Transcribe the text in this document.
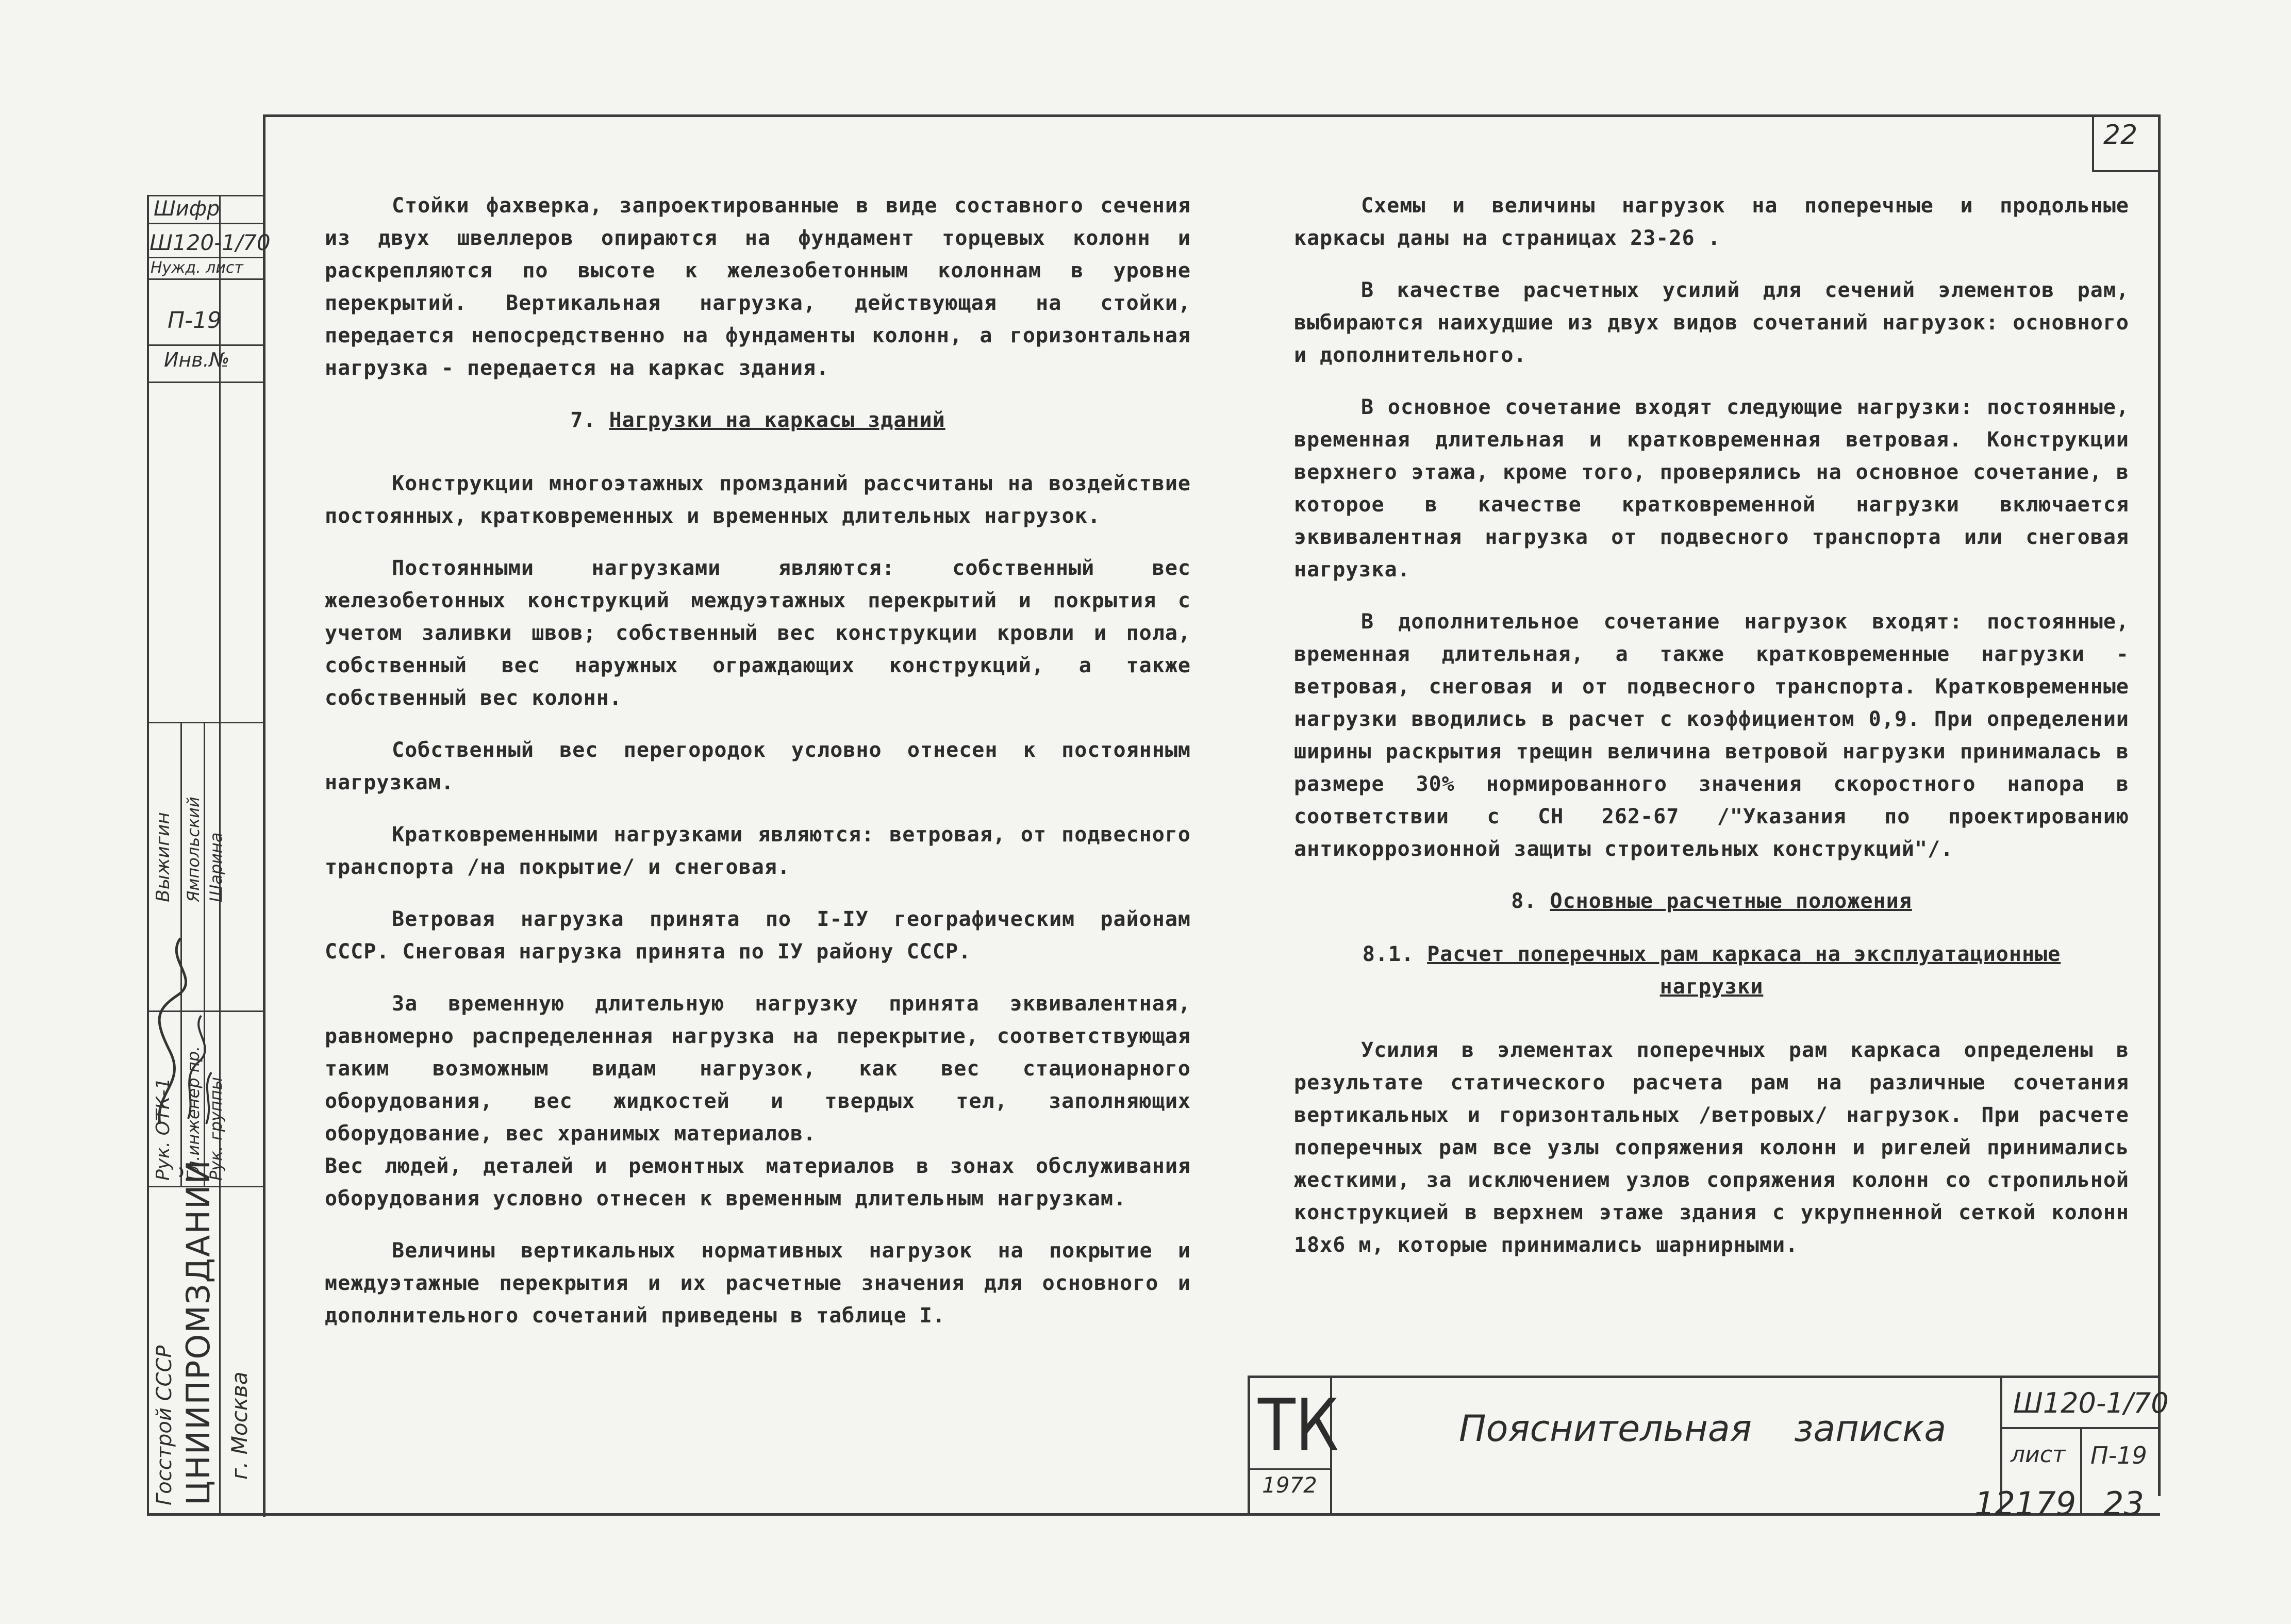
22
Шифр
Ш120-1/70
Нужд. лист
П-19
Инв.№
Рук. ОТК-1 Гл.инженер пр. Рук. группы
Выжигин Ямпольский Шарина
Госстрой СССР ЦНИИПРОМЗДАНИЙ г. Москва

Стойки фахверка, запроектированные в виде составного сечения из двух швеллеров опираются на фундамент торцевых колонн и раскрепляются по высоте к железобетонным колоннам в уровне перекрытий. Вертикальная нагрузка, действующая на стойки, передается непосредственно на фундаменты колонн, а горизонтальная нагрузка - передается на каркас здания.

7. Нагрузки на каркасы зданий

Конструкции многоэтажных промзданий рассчитаны на воздействие постоянных, кратковременных и временных длительных нагрузок.

Постоянными нагрузками являются: собственный вес железобетонных конструкций междуэтажных перекрытий и покрытия с учетом заливки швов; собственный вес конструкции кровли и пола, собственный вес наружных ограждающих конструкций, а также собственный вес колонн.

Собственный вес перегородок условно отнесен к постоянным нагрузкам.

Кратковременными нагрузками являются: ветровая, от подвесного транспорта /на покрытие/ и снеговая.

Ветровая нагрузка принята по I-IУ географическим районам СССР. Снеговая нагрузка принята по IУ району СССР.

За временную длительную нагрузку принята эквивалентная, равномерно распределенная нагрузка на перекрытие, соответствующая таким возможным видам нагрузок, как вес стационарного оборудования, вес жидкостей и твердых тел, заполняющих оборудование, вес хранимых материалов.

Вес людей, деталей и ремонтных материалов в зонах обслуживания оборудования условно отнесен к временным длительным нагрузкам.

Величины вертикальных нормативных нагрузок на покрытие и междуэтажные перекрытия и их расчетные значения для основного и дополнительного сочетаний приведены в таблице I.

Схемы и величины нагрузок на поперечные и продольные каркасы даны на страницах 23-26 .

В качестве расчетных усилий для сечений элементов рам, выбираются наихудшие из двух видов сочетаний нагрузок: основного и дополнительного.

В основное сочетание входят следующие нагрузки: постоянные, временная длительная и кратковременная ветровая. Конструкции верхнего этажа, кроме того, проверялись на основное сочетание, в которое в качестве кратковременной нагрузки включается эквивалентная нагрузка от подвесного транспорта или снеговая нагрузка.

В дополнительное сочетание нагрузок входят: постоянные, временная длительная, а также кратковременные нагрузки - ветровая, снеговая и от подвесного транспорта. Кратковременные нагрузки вводились в расчет с коэффициентом 0,9. При определении ширины раскрытия трещин величина ветровой нагрузки принималась в размере 30% нормированного значения скоростного напора в соответствии с СН 262-67 /"Указания по проектированию антикоррозионной защиты строительных конструкций"/.

8. Основные расчетные положения
8.1. Расчет поперечных рам каркаса на эксплуатационные нагрузки

Усилия в элементах поперечных рам каркаса определены в результате статического расчета рам на различные сочетания вертикальных и горизонтальных /ветровых/ нагрузок. При расчете поперечных рам все узлы сопряжения колонн и ригелей принимались жесткими, за исключением узлов сопряжения колонн со стропильной конструкцией в верхнем этаже здания с укрупненной сеткой колонн 18х6 м, которые принимались шарнирными.

ТК
1972
Пояснительная записка
Ш120-1/70
лист П-19
12179 23
